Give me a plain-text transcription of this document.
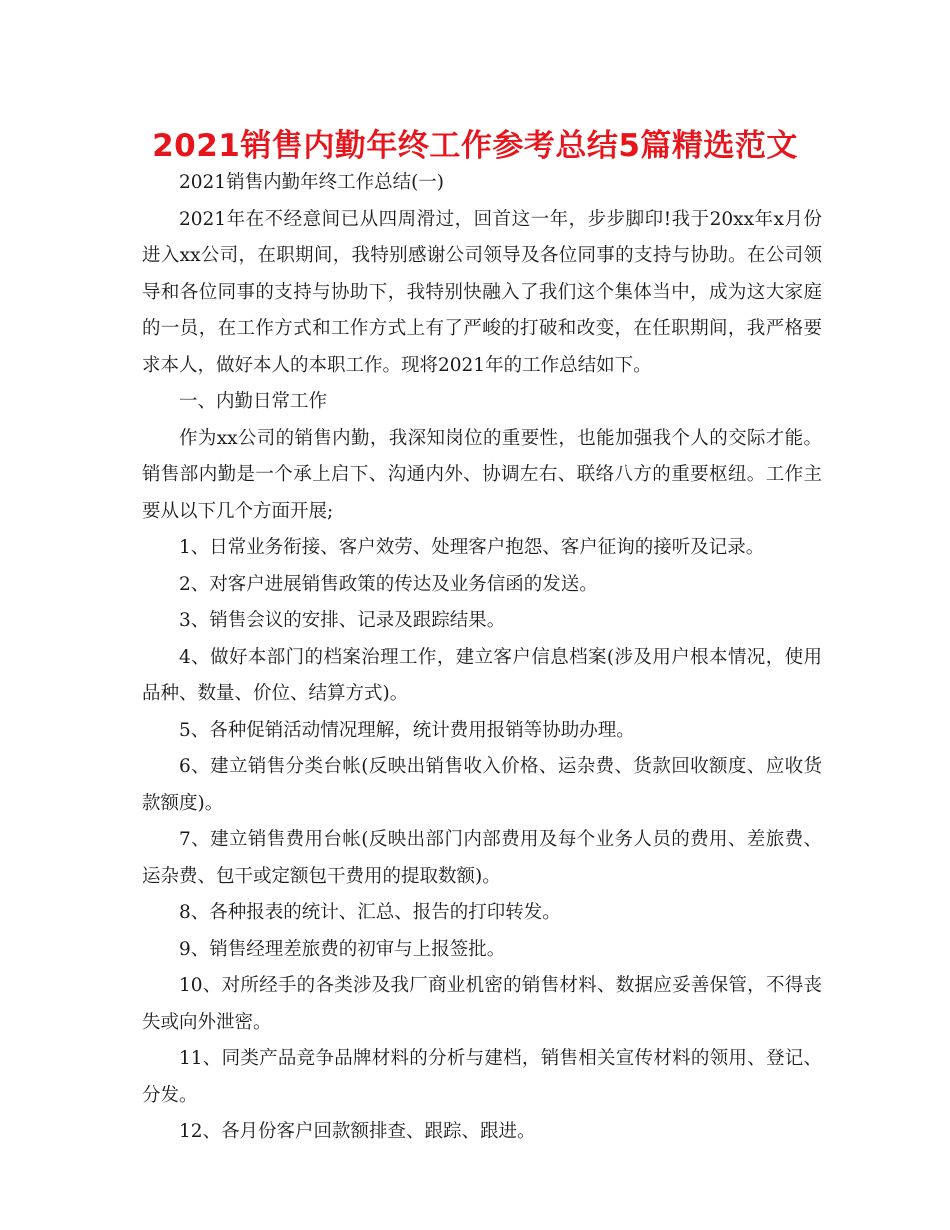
2021销售内勤年终工作参考总结5篇精选范文

2021销售内勤年终工作总结(一)

2021年在不经意间已从四周滑过，回首这一年，步步脚印!我于20xx年x月份进入xx公司，在职期间，我特别感谢公司领导及各位同事的支持与协助。在公司领导和各位同事的支持与协助下，我特别快融入了我们这个集体当中，成为这大家庭的一员，在工作方式和工作方式上有了严峻的打破和改变，在任职期间，我严格要求本人，做好本人的本职工作。现将2021年的工作总结如下。

一、内勤日常工作

作为xx公司的销售内勤，我深知岗位的重要性，也能加强我个人的交际才能。销售部内勤是一个承上启下、沟通内外、协调左右、联络八方的重要枢纽。工作主要从以下几个方面开展;

1、日常业务衔接、客户效劳、处理客户抱怨、客户征询的接听及记录。

2、对客户进展销售政策的传达及业务信函的发送。

3、销售会议的安排、记录及跟踪结果。

4、做好本部门的档案治理工作，建立客户信息档案(涉及用户根本情况，使用品种、数量、价位、结算方式)。

5、各种促销活动情况理解，统计费用报销等协助办理。

6、建立销售分类台帐(反映出销售收入价格、运杂费、货款回收额度、应收货款额度)。

7、建立销售费用台帐(反映出部门内部费用及每个业务人员的费用、差旅费、运杂费、包干或定额包干费用的提取数额)。

8、各种报表的统计、汇总、报告的打印转发。

9、销售经理差旅费的初审与上报签批。

10、对所经手的各类涉及我厂商业机密的销售材料、数据应妥善保管，不得丧失或向外泄密。

11、同类产品竞争品牌材料的分析与建档，销售相关宣传材料的领用、登记、分发。

12、各月份客户回款额排查、跟踪、跟进。
